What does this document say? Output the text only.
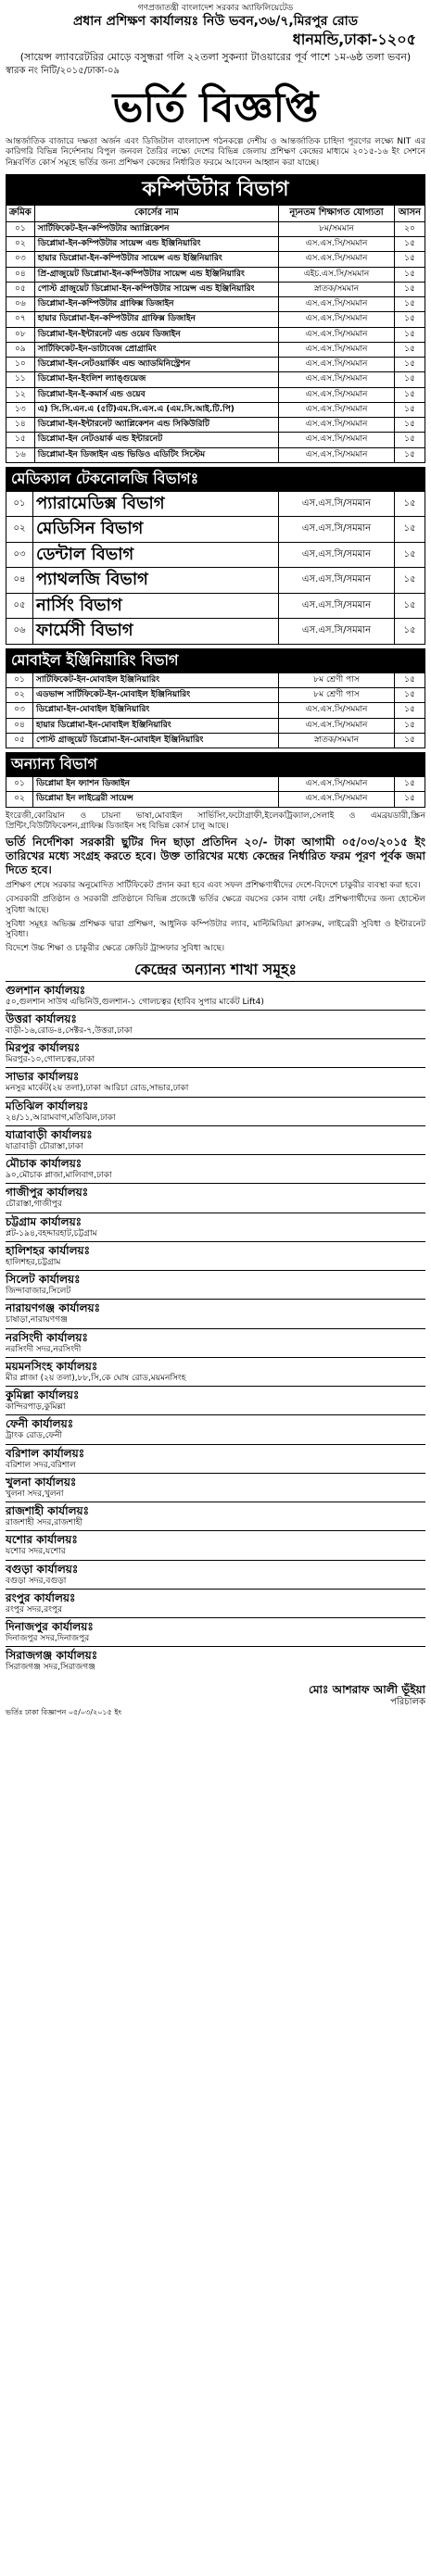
গণপ্রজাতন্ত্রী বাংলাদেশ সরকার অ্যাফিলিয়েটেড
প্রধান প্রশিক্ষণ কার্যালয়ঃ নিউ ভবন,৩৬/৭,মিরপুর রোড
ধানমন্ডি,ঢাকা-১২০৫
(সায়েন্স ল্যাবরেটরির মোড়ে বসুন্ধরা গলি ২২তলা সুকন্যা টাওয়ারের পূর্ব পাশে ১ম-৬ষ্ঠ তলা ভবন)
স্বারক নং নিটি/২০১৫/ঢাকা-০৯
ভর্তি বিজ্ঞপ্তি
আন্তর্জাতিক বাজারে দক্ষতা অর্জন এবং ডিজিটাল বাংলাদেশ গঠনকল্পে দেশীয় ও আন্তর্জাতিক চাহিদা পূরণের লক্ষ্যে NIT এর কারিগরি বিভিন্ন নির্দেশনায় বিপুল জনবল তৈরির লক্ষ্যে দেশের বিভিন্ন জেলায় প্রশিক্ষণ কেন্দ্রের মাধ্যমে ২০১৫-১৬ ইং সেশনে নিম্নবর্ণিত কোর্স সমূহে ভর্তির জন্য প্রশিক্ষণ কেন্দ্রের নির্ধারিত ফরমে আবেদন আহ্বান করা যাচ্ছে।
কম্পিউটার বিভাগ
ক্রমিক	কোর্সের নাম	ন্যূনতম শিক্ষাগত যোগ্যতা	আসন
০১	সার্টিফিকেট-ইন-কম্পিউটার অ্যাপ্লিকেশন	৮ম/সমমান	২০
০২	ডিপ্লোমা-ইন-কম্পিউটার সায়েন্স এন্ড ইঞ্জিনিয়ারিং	এস.এস.সি/সমমান	১৫
০৩	হায়ার ডিপ্লোমা-ইন-কম্পিউটার সায়েন্স এন্ড ইঞ্জিনিয়ারিং	এস.এস.সি/সমমান	১৫
০৪	প্রি-গ্রাজুয়েট ডিপ্লোমা-ইন-কম্পিউটার সায়েন্স এন্ড ইঞ্জিনিয়ারিং	এইচ.এস.সি/সমমান	১৫
০৫	পোস্ট গ্রাজুয়েট ডিপ্লোমা-ইন-কম্পিউটার সায়েন্স এন্ড ইঞ্জিনিয়ারিং	স্নাতক/সমমান	১৫
০৬	ডিপ্লোমা-ইন-কম্পিউটার গ্রাফিক্স ডিজাইন	এস.এস.সি/সমমান	১৫
০৭	হায়ার ডিপ্লোমা-ইন-কম্পিউটার গ্রাফিক্স ডিজাইন	এস.এস.সি/সমমান	১৫
০৮	ডিপ্লোমা-ইন-ইন্টারনেট এন্ড ওয়েব ডিজাইন	এস.এস.সি/সমমান	১৫
০৯	সার্টিফিকেট-ইন-ডাটাবেজ প্রোগ্রামিং	এস.এস.সি/সমমান	১৫
১০	ডিপ্লোমা-ইন-নেটওয়ার্কিং এন্ড অ্যাডমিনিস্ট্রেশন	এস.এস.সি/সমমান	১৫
১১	ডিপ্লোমা-ইন-ইংলিশ ল্যাঙ্গুয়েজ	এস.এস.সি/সমমান	১৫
১২	ডিপ্লোমা-ইন-ই-কমার্স এন্ড ওয়েব	এস.এস.সি/সমমান	১৫
১৩	এ) সি.সি.এন.এ (৫টি)এম.সি.এস.এ (এম.সি.আই.টি.পি)	এস.এস.সি/সমমান	১৫
১৪	ডিপ্লোমা-ইন-ইন্টারনেট অ্যাপ্লিকেশন এন্ড সিকিউরিটি	এস.এস.সি/সমমান	১৫
১৫	ডিপ্লোমা-ইন নেটওয়ার্ক এন্ড ইন্টারনেট	এস.এস.সি/সমমান	১৫
১৬	ডিপ্লোমা-ইন ডিজাইন এন্ড ভিডিও এডিটিং সিস্টেম	এস.এস.সি/সমমান	১৫
মেডিক্যাল টেকনোলজি বিভাগঃ
০১	প্যারামেডিক্স বিভাগ	এস.এস.সি/সমমান	১৫
০২	মেডিসিন বিভাগ	এস.এস.সি/সমমান	১৫
০৩	ডেন্টাল বিভাগ	এস.এস.সি/সমমান	১৫
০৪	প্যাথলজি বিভাগ	এস.এস.সি/সমমান	১৫
০৫	নার্সিং বিভাগ	এস.এস.সি/সমমান	১৫
০৬	ফার্মেসী বিভাগ	এস.এস.সি/সমমান	১৫
মোবাইল ইঞ্জিনিয়ারিং বিভাগ
০১	সার্টিফিকেট-ইন-মোবাইল ইঞ্জিনিয়ারিং	৮ম শ্রেণী পাস	১৫
০২	এডভান্স সার্টিফিকেট-ইন-মোবাইল ইঞ্জিনিয়ারিং	৮ম শ্রেণী পাস	১৫
০৩	ডিপ্লোমা-ইন-মোবাইল ইঞ্জিনিয়ারিং	এস.এস.সি/সমমান	১৫
০৪	হায়ার ডিপ্লোমা-ইন-মোবাইল ইঞ্জিনিয়ারিং	এস.এস.সি/সমমান	১৫
০৫	পোস্ট গ্রাজুয়েট ডিপ্লোমা-ইন-মোবাইল ইঞ্জিনিয়ারিং	স্নাতক/সমমান	১৫
অন্যান্য বিভাগ
০১	ডিপ্লোমা ইন ফ্যাশন ডিজাইন	এস.এস.সি/সমমান	১৫
০২	ডিপ্লোমা ইন লাইব্রেরী সায়েন্স	এস.এস.সি/সমমান	১৫
ইংরেজী,কোরিয়ান ও চায়না ভাষা,মোবাইল সার্ভিসিং,ফটোগ্রাফী,ইলেকট্রিক্যাল,সেলাই ও এমব্রয়ডারী,স্ক্রিন প্রিন্টিং,বিউটিফিকেশন,গ্রাফিক্স ডিজাইন সহ বিভিন্ন কোর্স চালু আছে।
ভর্তি নির্দেশিকা সরকারী ছুটির দিন ছাড়া প্রতিদিন ২০/- টাকা আগামী ০৫/০৩/২০১৫ ইং তারিখের মধ্যে সংগ্রহ করতে হবে। উক্ত তারিখের মধ্যে কেন্দ্রের নির্ধারিত ফরম পূরণ পূর্বক জমা দিতে হবে।
প্রশিক্ষণ শেষে সরকার অনুমোদিত সার্টিফিকেট প্রদান করা হবে এবং সফল প্রশিক্ষণার্থীদের দেশে-বিদেশে চাকুরীর ব্যবস্থা করা হবে।
বেসরকারী প্রতিষ্ঠান ও সরকারী প্রতিষ্ঠানে বিভিন্ন প্রজেক্টে ভর্তির ক্ষেত্রে বয়সের কোন বাধা নেই। প্রশিক্ষণার্থীদের জন্য হোস্টেল সুবিধা আছে।
সুবিধা সমূহঃ অভিজ্ঞ প্রশিক্ষক দ্বারা প্রশিক্ষণ, আধুনিক কম্পিউটার ল্যাব, মাল্টিমিডিয়া ক্লাসরুম, লাইব্রেরী সুবিধা ও ইন্টারনেট সুবিধা।
বিদেশে উচ্চ শিক্ষা ও চাকুরীর ক্ষেত্রে ক্রেডিট ট্রান্সফার সুবিধা আছে।
কেন্দ্রের অন্যান্য শাখা সমূহঃ
গুলশান কার্যালয়ঃ
৫০,গুলশান সাউথ এভিনিউ,গুলশান-১ গোলচত্বর (হাবিব সুপার মার্কেট Lift4)
উত্তরা কার্যালয়ঃ
বাড়ী-১৬,রোড-৪,সেক্টর-৭,উত্তরা,ঢাকা
মিরপুর কার্যালয়ঃ
মিরপুর-১০,গোলচত্বর,ঢাকা
সাভার কার্যালয়ঃ
মনসুর মার্কেট(২য় তলা),ঢাকা আরিচা রোড,সাভার,ঢাকা
মতিঝিল কার্যালয়ঃ
২৪/১১,আরামবাগ,মতিঝিল,ঢাকা
যাত্রাবাড়ী কার্যালয়ঃ
যাত্রাবাড়ী চৌরাস্তা,ঢাকা
মৌচাক কার্যালয়ঃ
৯০,মৌচাক প্লাজা,মালিবাগ,ঢাকা
গাজীপুর কার্যালয়ঃ
চৌরাস্তা,গাজীপুর
চট্টগ্রাম কার্যালয়ঃ
প্লট-১৯৪,বহদ্দারহাট,চট্টগ্রাম
হালিশহর কার্যালয়ঃ
হালিশহর,চট্টগ্রাম
সিলেট কার্যালয়ঃ
জিন্দাবাজার,সিলেট
নারায়ণগঞ্জ কার্যালয়ঃ
চাষাড়া,নারায়ণগঞ্জ
নরসিংদী কার্যালয়ঃ
নরসিংদী সদর,নরসিংদী
ময়মনসিংহ কার্যালয়ঃ
মীর প্লাজা (২য় তলা),৮৮,সি,কে ঘোষ রোড,ময়মনসিংহ
কুমিল্লা কার্যালয়ঃ
কান্দিরপাড়,কুমিল্লা
ফেনী কার্যালয়ঃ
ট্রাংক রোড,ফেনী
বরিশাল কার্যালয়ঃ
বরিশাল সদর,বরিশাল
খুলনা কার্যালয়ঃ
খুলনা সদর,খুলনা
রাজশাহী কার্যালয়ঃ
রাজশাহী সদর,রাজশাহী
যশোর কার্যালয়ঃ
যশোর সদর,যশোর
বগুড়া কার্যালয়ঃ
বগুড়া সদর,বগুড়া
রংপুর কার্যালয়ঃ
রংপুর সদর,রংপুর
দিনাজপুর কার্যালয়ঃ
দিনাজপুর সদর,দিনাজপুর
সিরাজগঞ্জ কার্যালয়ঃ
সিরাজগঞ্জ সদর,সিরাজগঞ্জ
মোঃ আশরাফ আলী ভূঁইয়া
পরিচালক
ভর্তিঃ ঢাকা বিজ্ঞাপন ০৫/০৩/২০১৫ ইং
